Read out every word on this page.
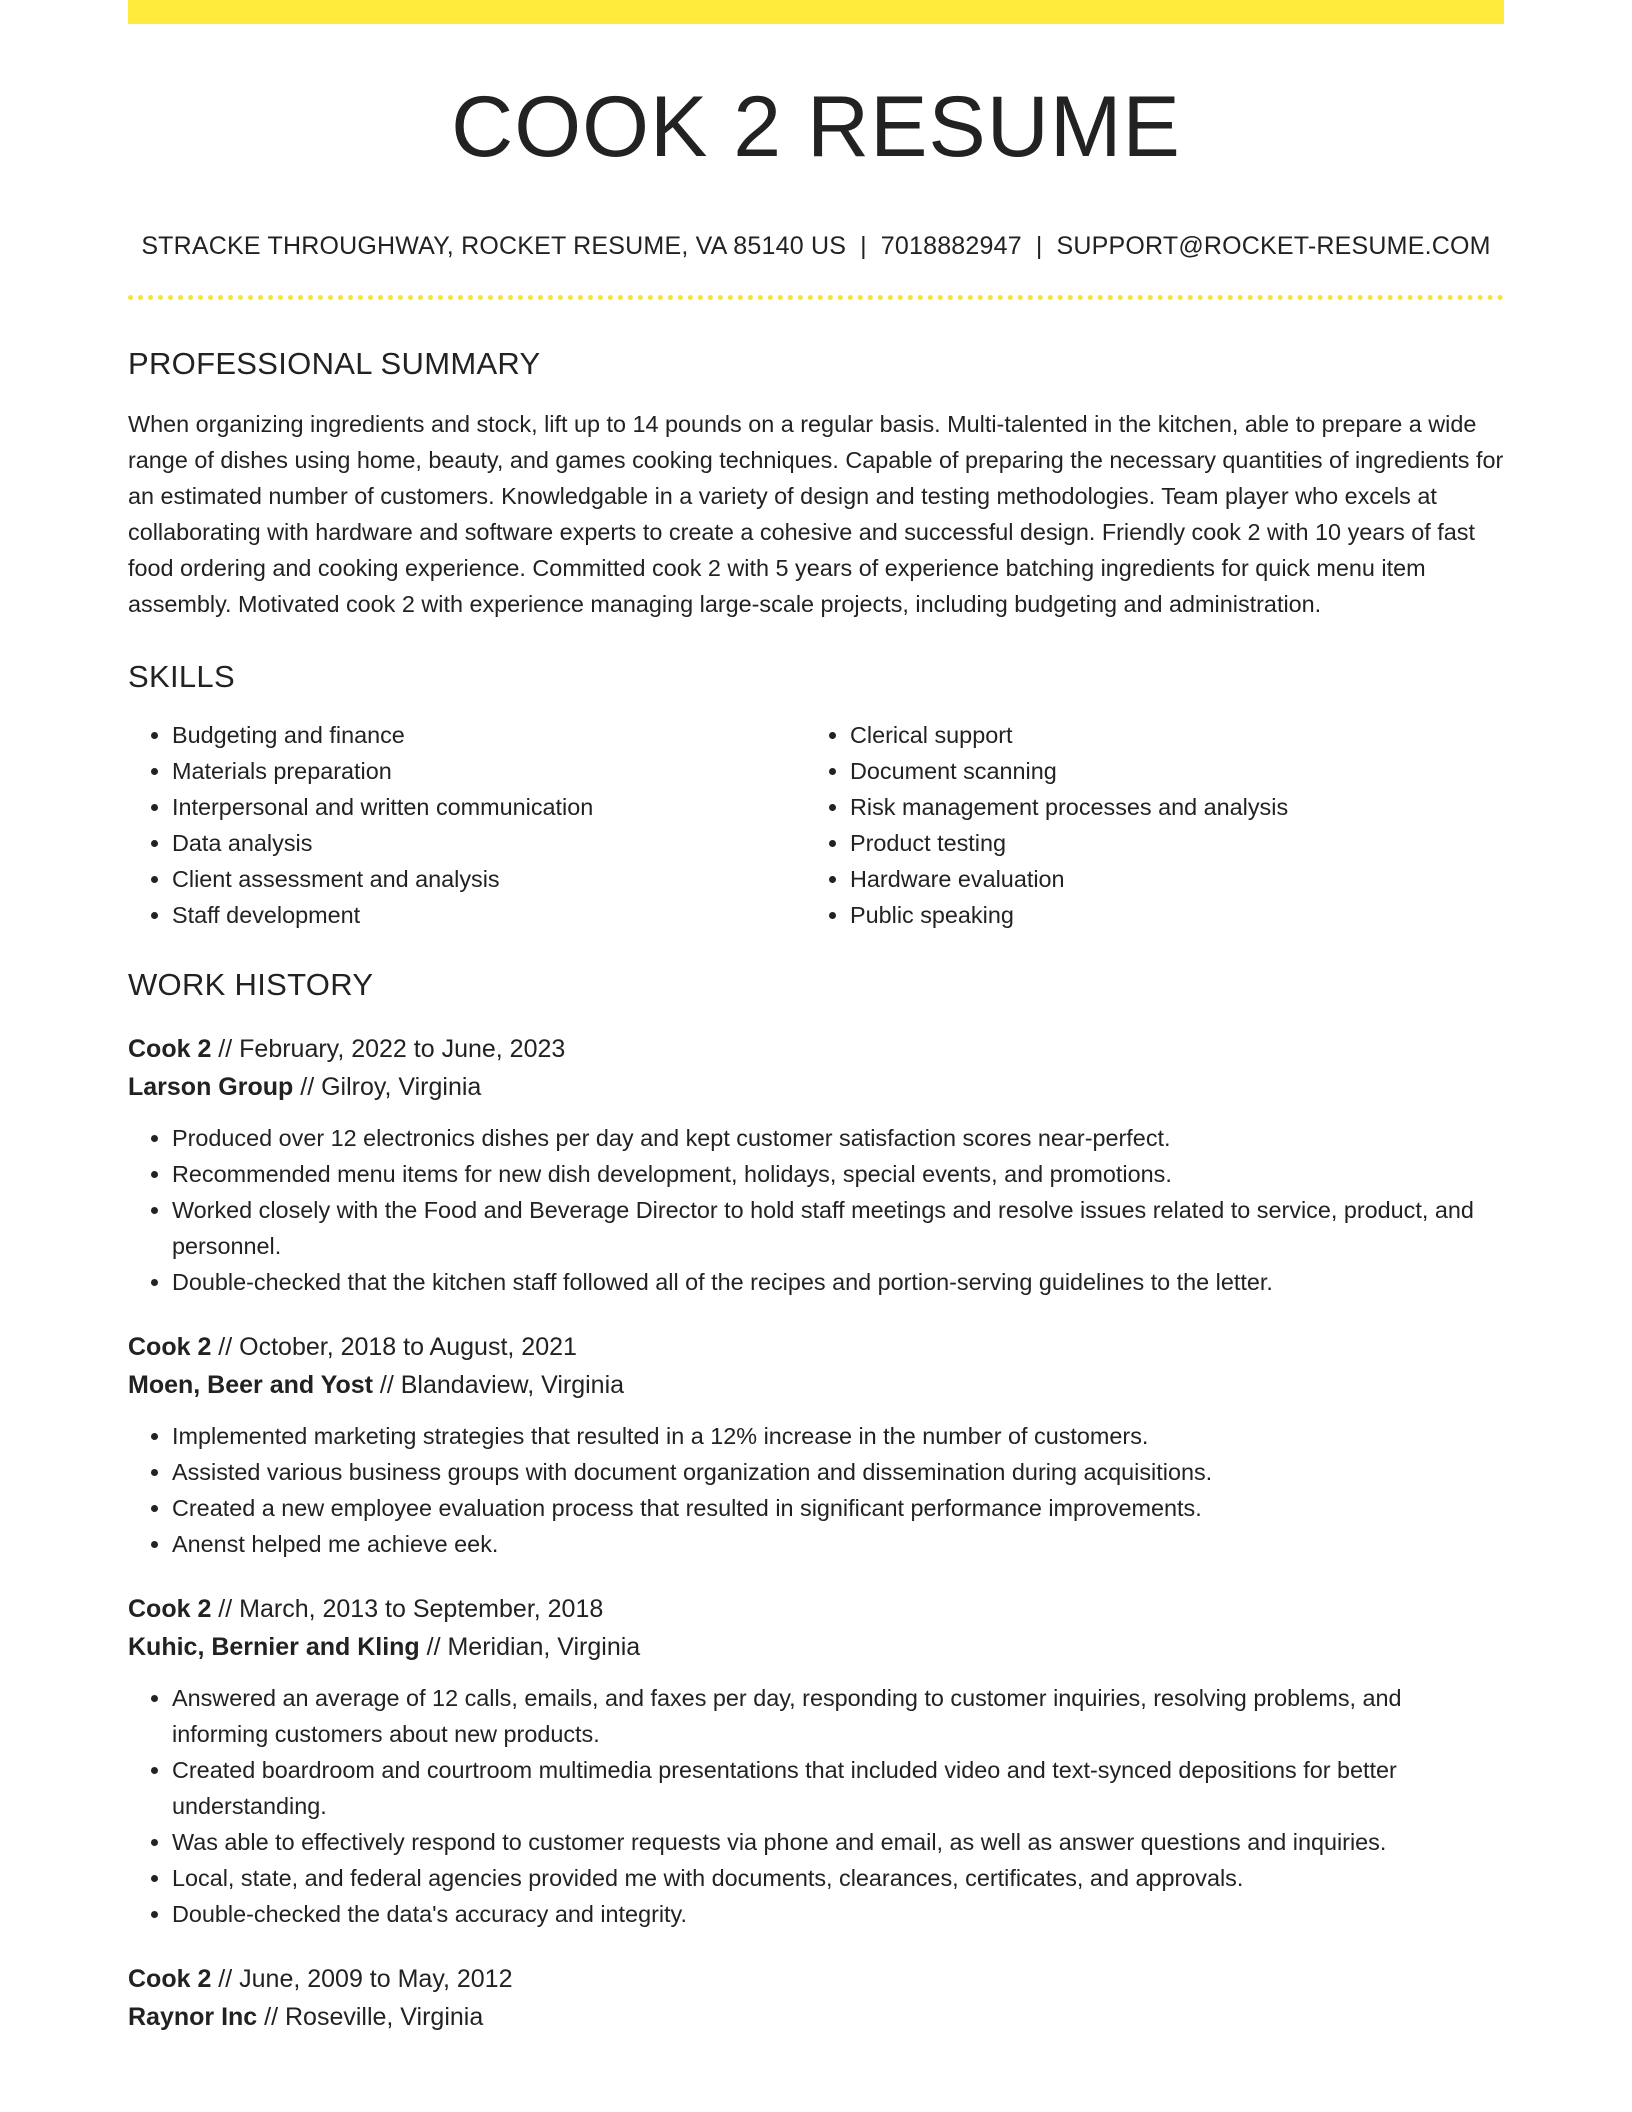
COOK 2 RESUME
STRACKE THROUGHWAY, ROCKET RESUME, VA 85140 US | 7018882947 | SUPPORT@ROCKET-RESUME.COM
PROFESSIONAL SUMMARY

When organizing ingredients and stock, lift up to 14 pounds on a regular basis. Multi-talented in the kitchen, able to prepare a wide range of dishes using home, beauty, and games cooking techniques. Capable of preparing the necessary quantities of ingredients for an estimated number of customers. Knowledgable in a variety of design and testing methodologies. Team player who excels at collaborating with hardware and software experts to create a cohesive and successful design. Friendly cook 2 with 10 years of fast food ordering and cooking experience. Committed cook 2 with 5 years of experience batching ingredients for quick menu item assembly. Motivated cook 2 with experience managing large-scale projects, including budgeting and administration.

SKILLS
• Budgeting and finance
• Materials preparation
• Interpersonal and written communication
• Data analysis
• Client assessment and analysis
• Staff development
• Clerical support
• Document scanning
• Risk management processes and analysis
• Product testing
• Hardware evaluation
• Public speaking
WORK HISTORY
Cook 2 // February, 2022 to June, 2023
Larson Group // Gilroy, Virginia
• Produced over 12 electronics dishes per day and kept customer satisfaction scores near-perfect.
• Recommended menu items for new dish development, holidays, special events, and promotions.
• Worked closely with the Food and Beverage Director to hold staff meetings and resolve issues related to service, product, and personnel.
• Double-checked that the kitchen staff followed all of the recipes and portion-serving guidelines to the letter.
Cook 2 // October, 2018 to August, 2021
Moen, Beer and Yost // Blandaview, Virginia
• Implemented marketing strategies that resulted in a 12% increase in the number of customers.
• Assisted various business groups with document organization and dissemination during acquisitions.
• Created a new employee evaluation process that resulted in significant performance improvements.
• Anenst helped me achieve eek.
Cook 2 // March, 2013 to September, 2018
Kuhic, Bernier and Kling // Meridian, Virginia
• Answered an average of 12 calls, emails, and faxes per day, responding to customer inquiries, resolving problems, and informing customers about new products.
• Created boardroom and courtroom multimedia presentations that included video and text-synced depositions for better understanding.
• Was able to effectively respond to customer requests via phone and email, as well as answer questions and inquiries.
• Local, state, and federal agencies provided me with documents, clearances, certificates, and approvals.
• Double-checked the data's accuracy and integrity.
Cook 2 // June, 2009 to May, 2012
Raynor Inc // Roseville, Virginia
